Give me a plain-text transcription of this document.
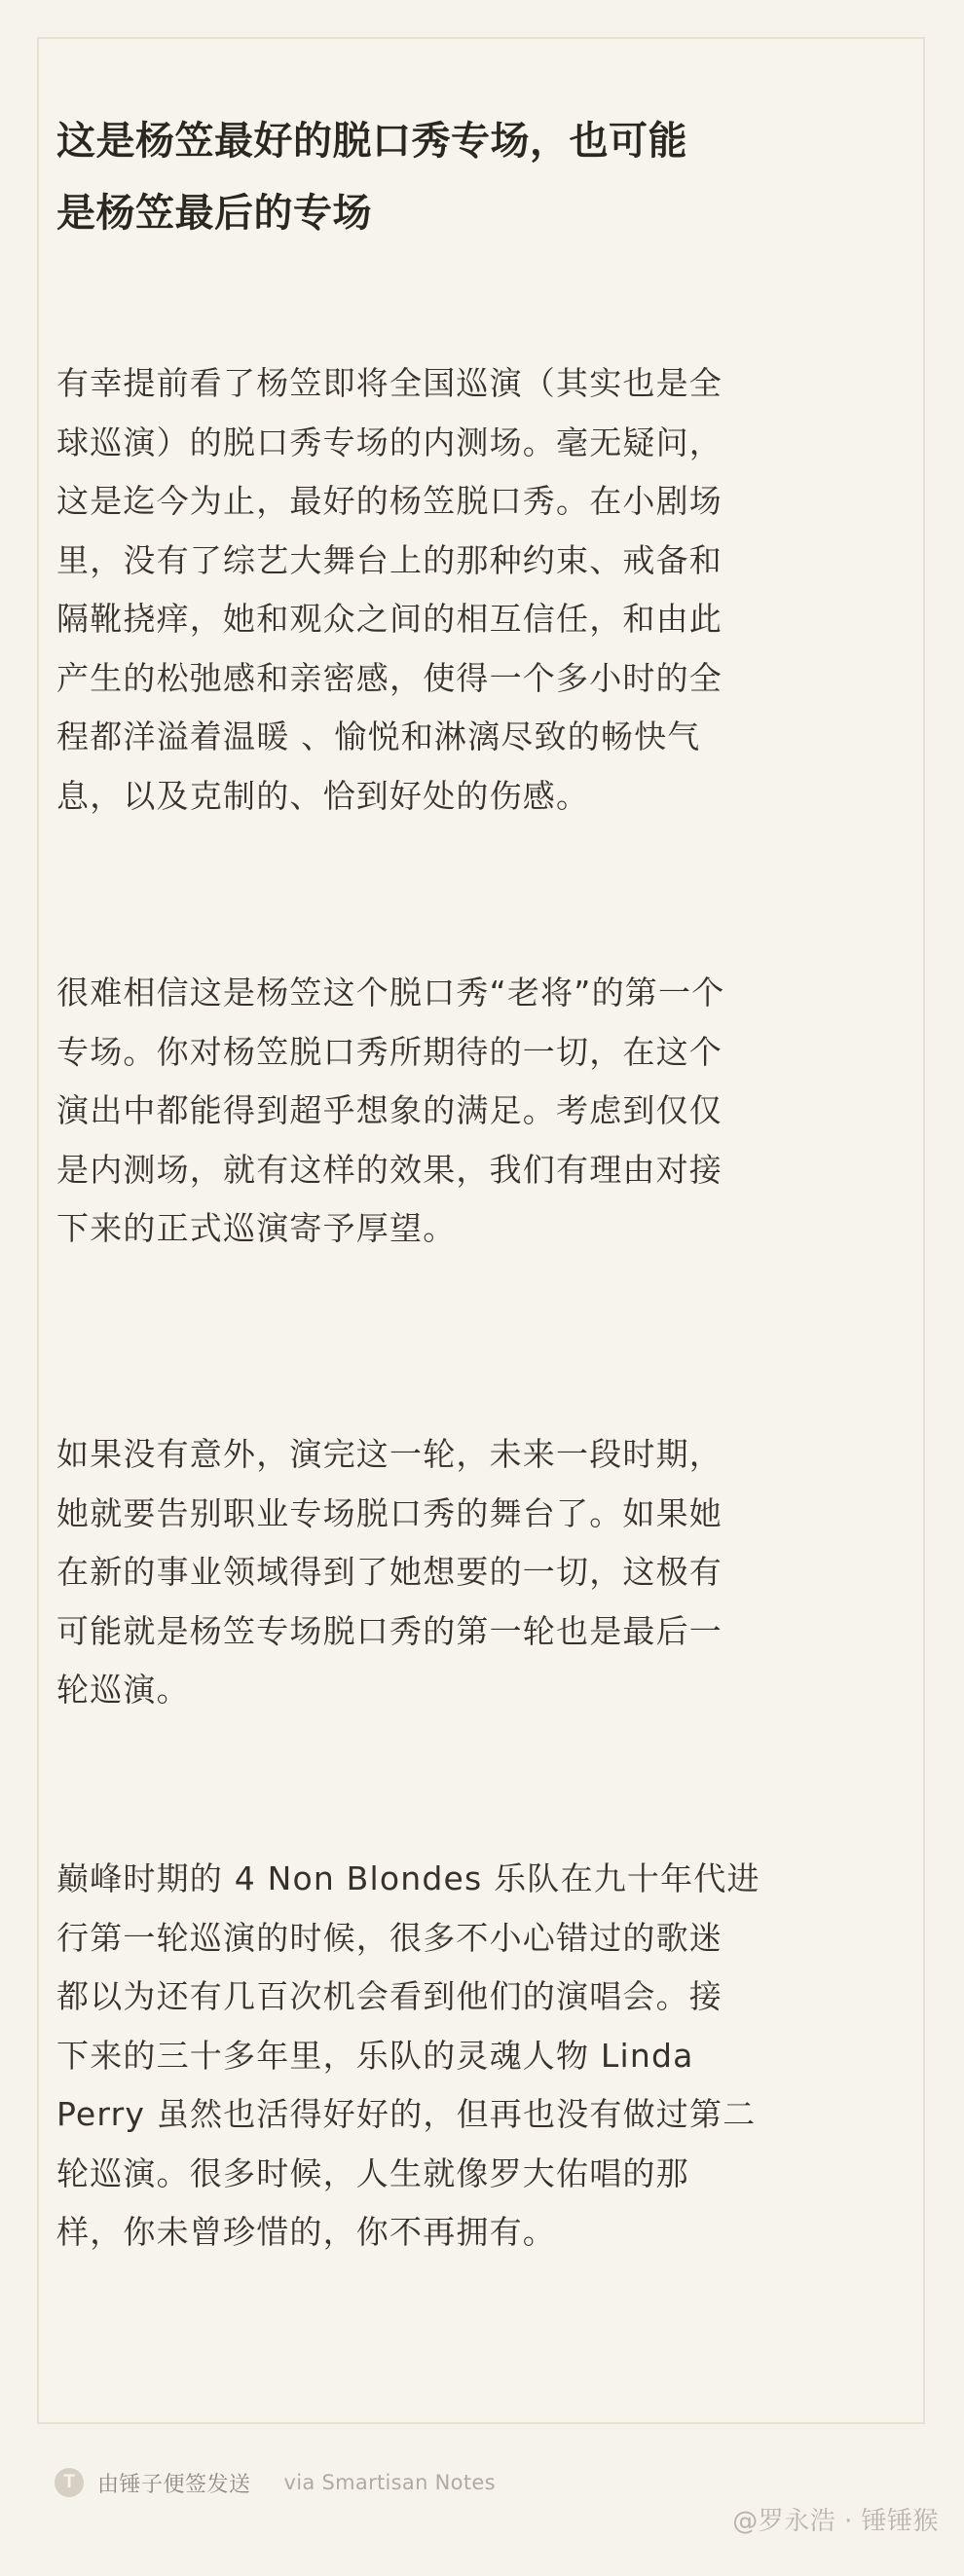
这是杨笠最好的脱口秀专场，也可能
是杨笠最后的专场

有幸提前看了杨笠即将全国巡演（其实也是全
球巡演）的脱口秀专场的内测场。毫无疑问，
这是迄今为止，最好的杨笠脱口秀。在小剧场
里，没有了综艺大舞台上的那种约束、戒备和
隔靴挠痒，她和观众之间的相互信任，和由此
产生的松弛感和亲密感，使得一个多小时的全
程都洋溢着温暖 、愉悦和淋漓尽致的畅快气
息，以及克制的、恰到好处的伤感。

很难相信这是杨笠这个脱口秀“老将”的第一个
专场。你对杨笠脱口秀所期待的一切，在这个
演出中都能得到超乎想象的满足。考虑到仅仅
是内测场，就有这样的效果，我们有理由对接
下来的正式巡演寄予厚望。

如果没有意外，演完这一轮，未来一段时期，
她就要告别职业专场脱口秀的舞台了。如果她
在新的事业领域得到了她想要的一切，这极有
可能就是杨笠专场脱口秀的第一轮也是最后一
轮巡演。

巅峰时期的 4 Non Blondes 乐队在九十年代进
行第一轮巡演的时候，很多不小心错过的歌迷
都以为还有几百次机会看到他们的演唱会。接
下来的三十多年里，乐队的灵魂人物 Linda
Perry 虽然也活得好好的，但再也没有做过第二
轮巡演。很多时候，人生就像罗大佑唱的那
样，你未曾珍惜的，你不再拥有。

T	由锤子便签发送 via Smartisan Notes
@罗永浩 · 锤锤猴
